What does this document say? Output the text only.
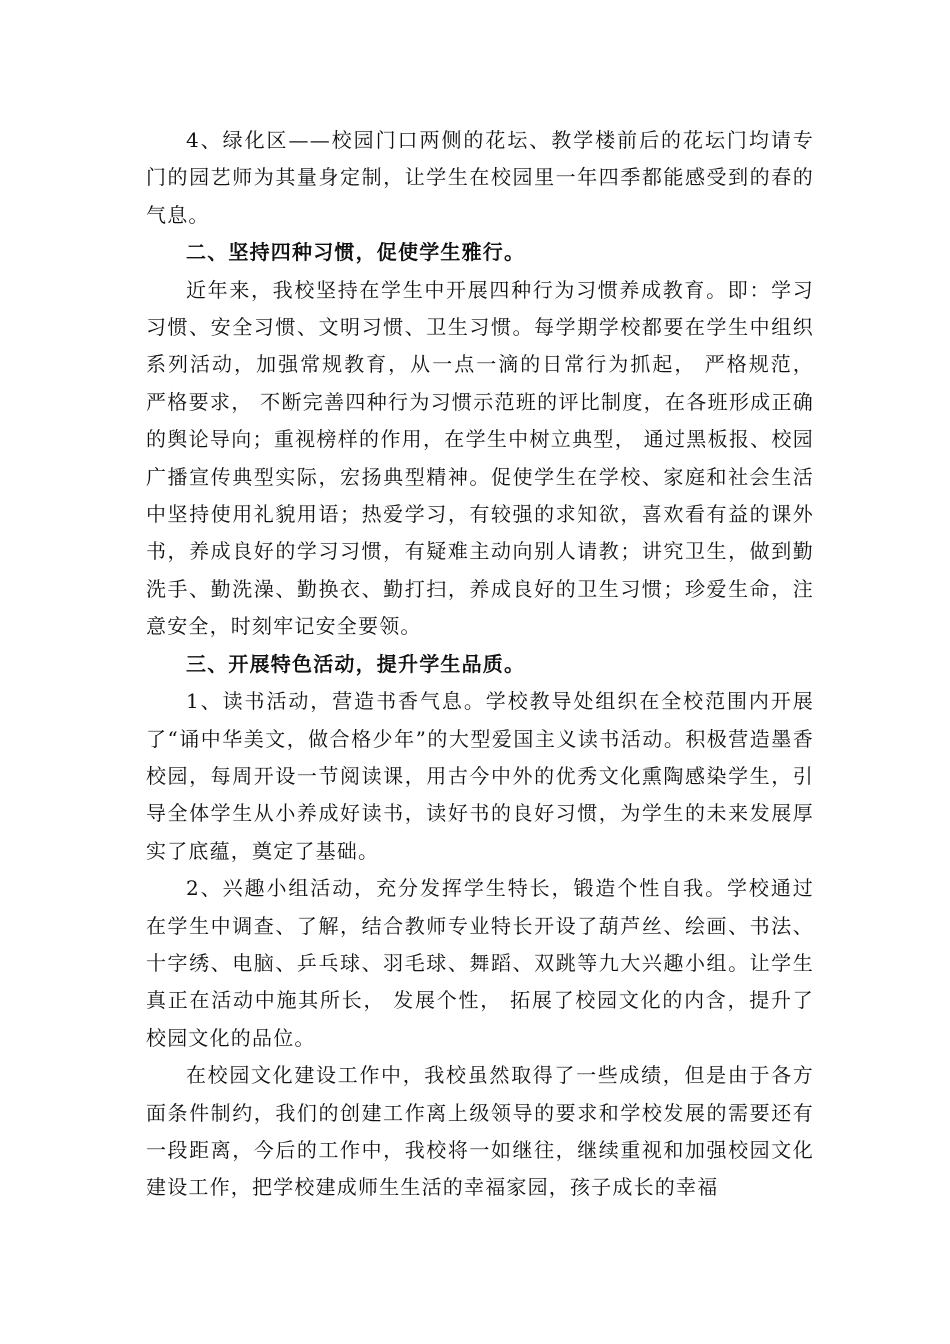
4、绿化区——校园门口两侧的花坛、教学楼前后的花坛门均请专门的园艺师为其量身定制，让学生在校园里一年四季都能感受到的春的气息。

二、坚持四种习惯，促使学生雅行。

近年来，我校坚持在学生中开展四种行为习惯养成教育。即：学习习惯、安全习惯、文明习惯、卫生习惯。每学期学校都要在学生中组织系列活动，加强常规教育，从一点一滴的日常行为抓起， 严格规范， 严格要求， 不断完善四种行为习惯示范班的评比制度，在各班形成正确的舆论导向；重视榜样的作用，在学生中树立典型， 通过黑板报、校园广播宣传典型实际，宏扬典型精神。促使学生在学校、家庭和社会生活中坚持使用礼貌用语；热爱学习，有较强的求知欲，喜欢看有益的课外书，养成良好的学习习惯，有疑难主动向别人请教；讲究卫生，做到勤洗手、勤洗澡、勤换衣、勤打扫，养成良好的卫生习惯；珍爱生命，注意安全，时刻牢记安全要领。

三、开展特色活动，提升学生品质。

1、读书活动，营造书香气息。学校教导处组织在全校范围内开展了“诵中华美文，做合格少年”的大型爱国主义读书活动。积极营造墨香校园，每周开设一节阅读课，用古今中外的优秀文化熏陶感染学生，引导全体学生从小养成好读书，读好书的良好习惯，为学生的未来发展厚实了底蕴，奠定了基础。

2、兴趣小组活动，充分发挥学生特长，锻造个性自我。学校通过在学生中调查、了解，结合教师专业特长开设了葫芦丝、绘画、书法、十字绣、电脑、乒乓球、羽毛球、舞蹈、双跳等九大兴趣小组。让学生真正在活动中施其所长， 发展个性， 拓展了校园文化的内含，提升了校园文化的品位。

在校园文化建设工作中，我校虽然取得了一些成绩，但是由于各方面条件制约，我们的创建工作离上级领导的要求和学校发展的需要还有一段距离，今后的工作中，我校将一如继往，继续重视和加强校园文化建设工作，把学校建成师生生活的幸福家园，孩子成长的幸福
